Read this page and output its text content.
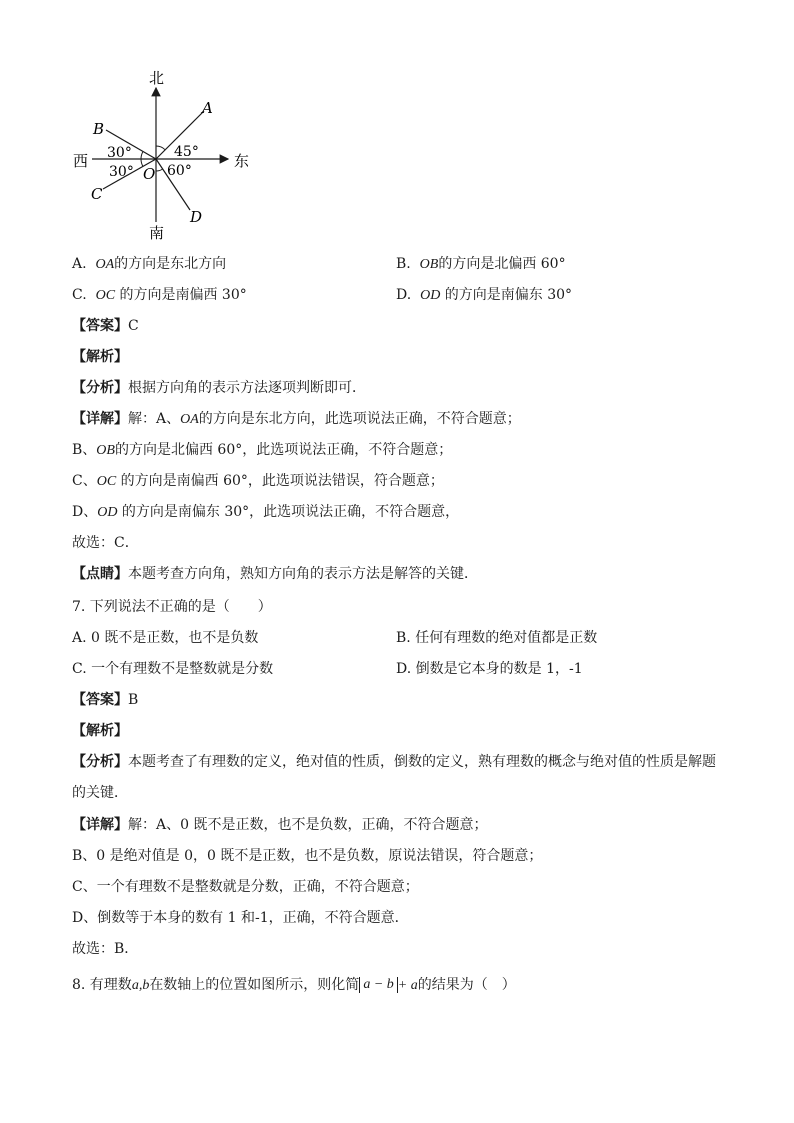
北
南
东
西
A
B
C
D
O
30°
30°
45°
60°
A. OA的方向是东北方向	B. OB的方向是北偏西 60°
C. OC 的方向是南偏西 30°	D. OD 的方向是南偏东 30°
【答案】C
【解析】
【分析】根据方向角的表示方法逐项判断即可．
【详解】解：A、OA的方向是东北方向，此选项说法正确，不符合题意；
B、OB的方向是北偏西 60°，此选项说法正确，不符合题意；
C、OC 的方向是南偏西 60°，此选项说法错误，符合题意；
D、OD 的方向是南偏东 30°，此选项说法正确，不符合题意，
故选：C．
【点睛】本题考查方向角，熟知方向角的表示方法是解答的关键．
7. 下列说法不正确的是（　　）
A. 0 既不是正数，也不是负数	B. 任何有理数的绝对值都是正数
C. 一个有理数不是整数就是分数	D. 倒数是它本身的数是 1，-1
【答案】B
【解析】
【分析】本题考查了有理数的定义，绝对值的性质，倒数的定义，熟有理数的概念与绝对值的性质是解题
的关键．
【详解】解：A、0 既不是正数，也不是负数，正确，不符合题意；
B、0 是绝对值是 0，0 既不是正数，也不是负数，原说法错误，符合题意；
C、一个有理数不是整数就是分数，正确，不符合题意；
D、倒数等于本身的数有 1 和-1，正确，不符合题意．
故选：B．
8. 有理数a,b在数轴上的位置如图所示，则化简 a − b + a的结果为（　）
